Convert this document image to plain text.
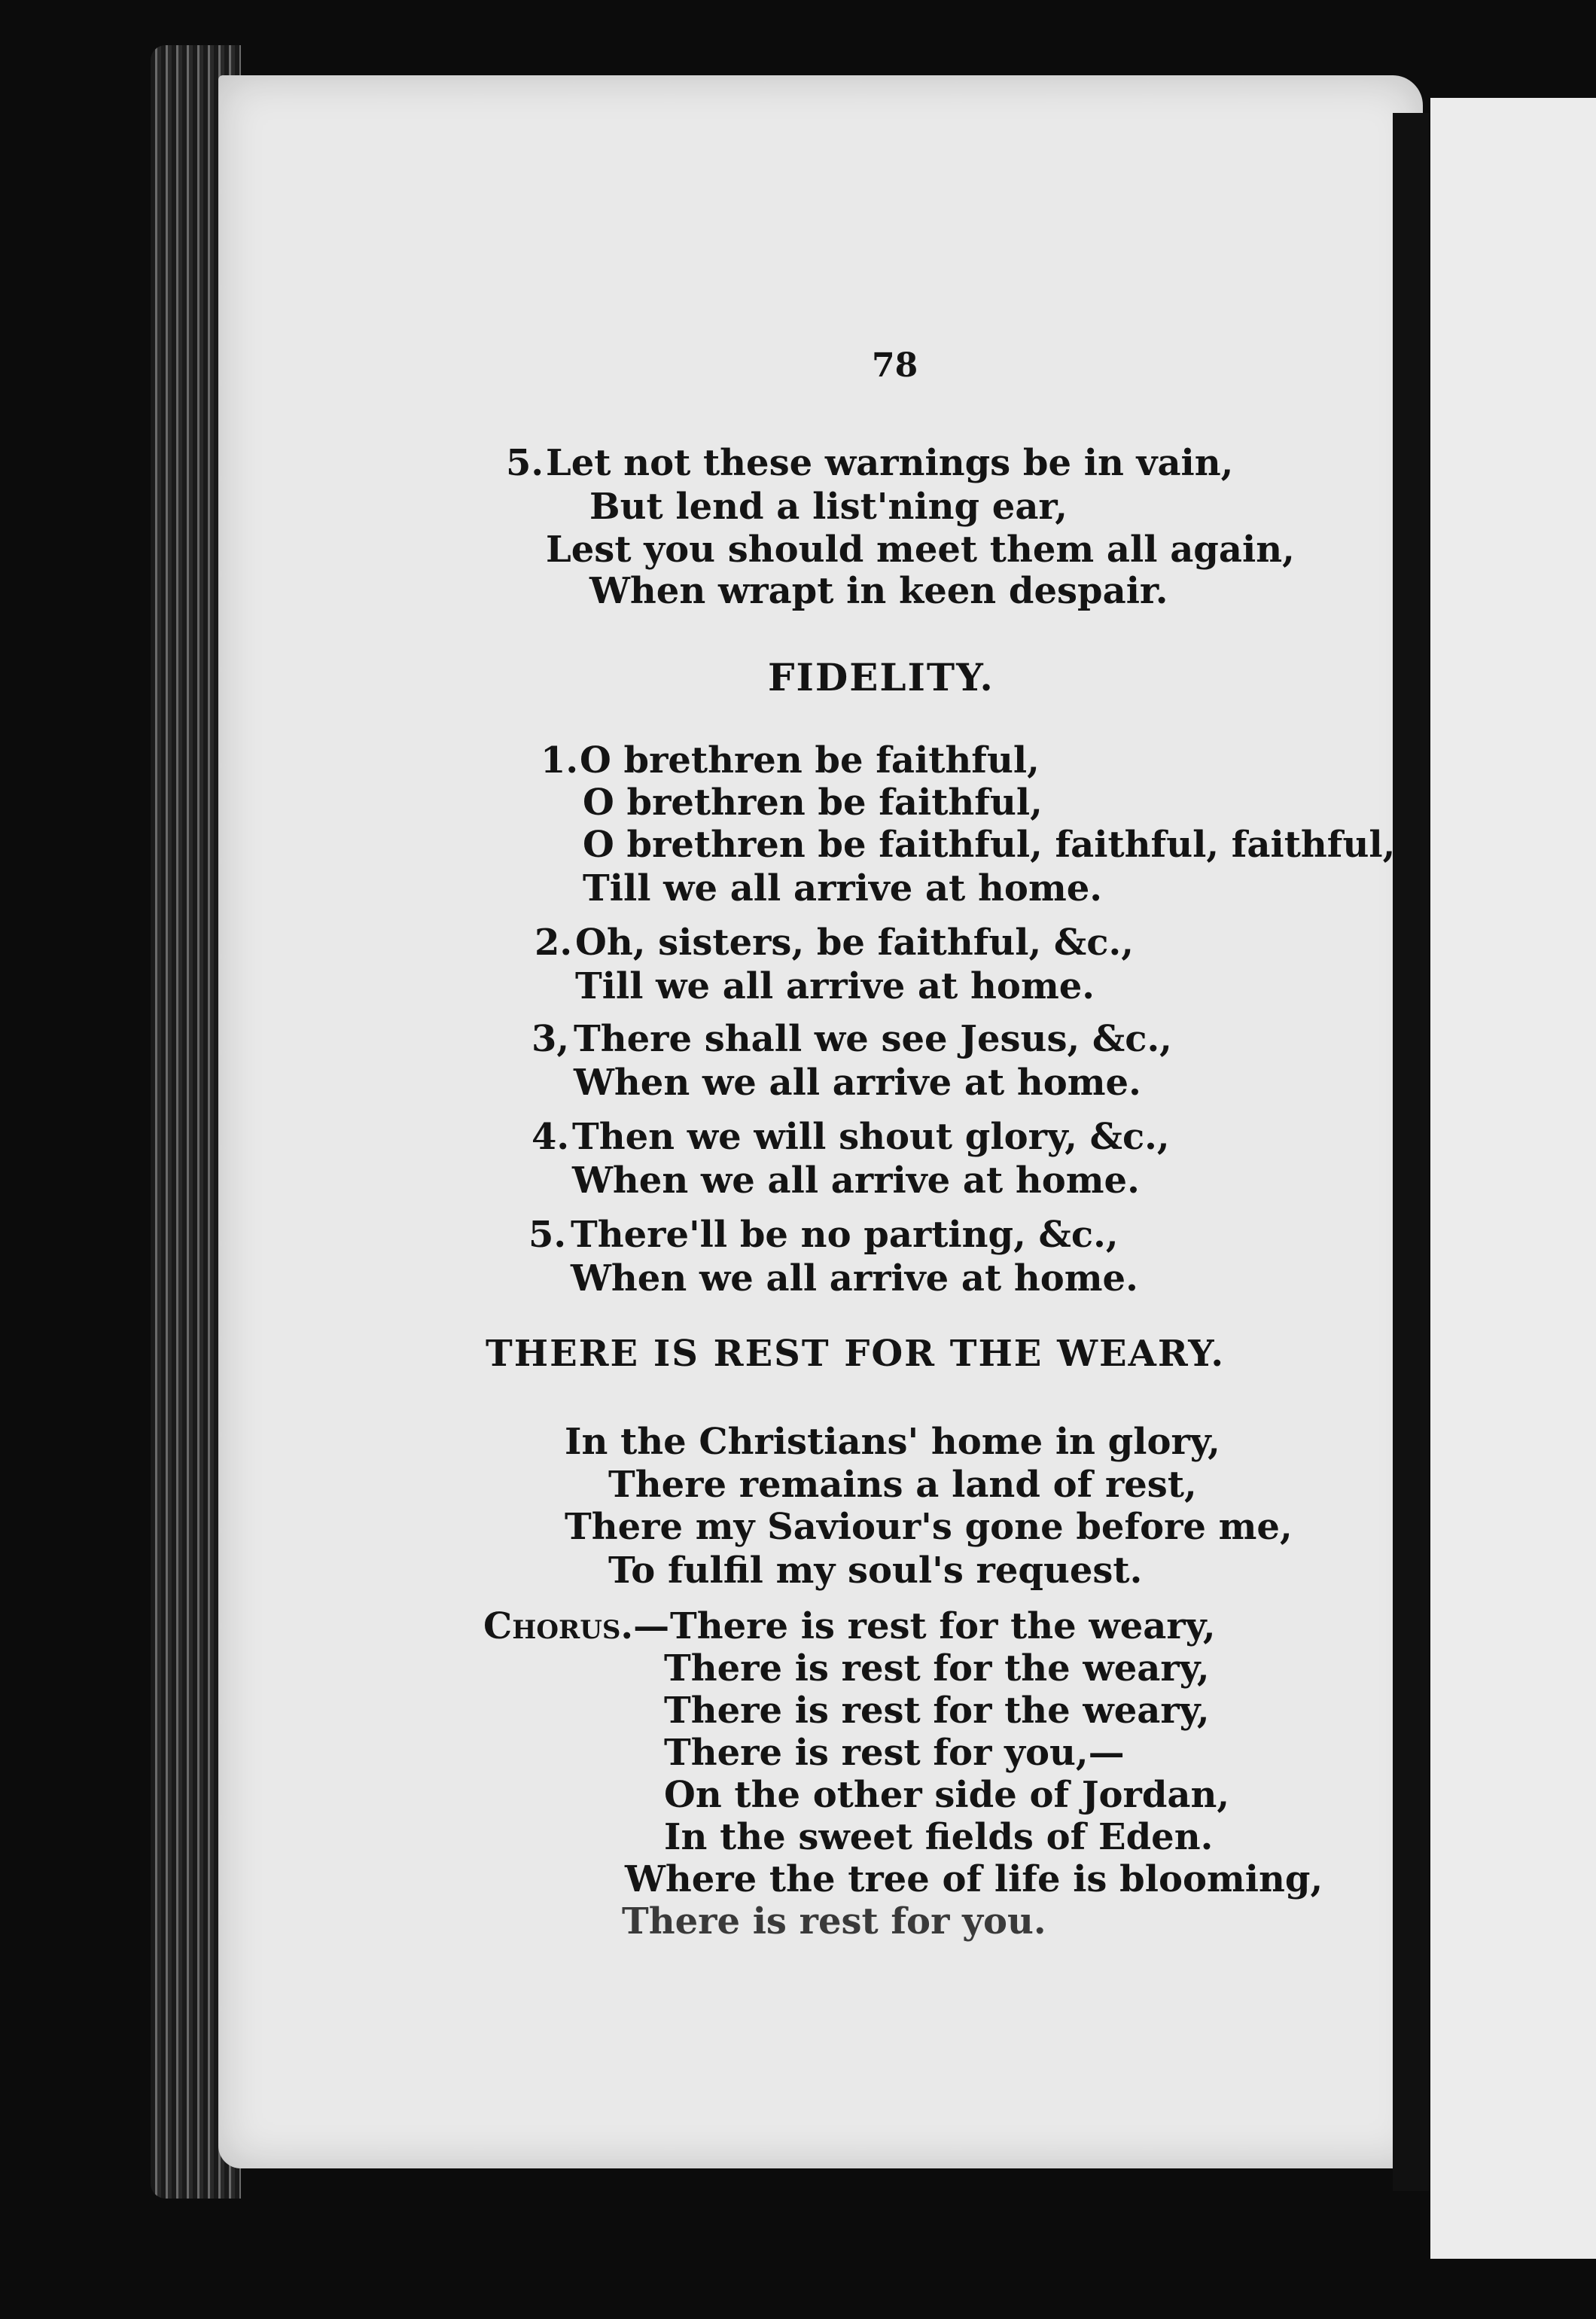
78
5. Let not these warnings be in vain,
But lend a list'ning ear,
Lest you should meet them all again,
When wrapt in keen despair.
FIDELITY.
1. O brethren be faithful,
O brethren be faithful,
O brethren be faithful, faithful, faithful,
Till we all arrive at home.
2. Oh, sisters, be faithful, &c.,
Till we all arrive at home.
3, There shall we see Jesus, &c.,
When we all arrive at home.
4. Then we will shout glory, &c.,
When we all arrive at home.
5. There'll be no parting, &c.,
When we all arrive at home.
THERE IS REST FOR THE WEARY.
In the Christians' home in glory,
There remains a land of rest,
There my Saviour's gone before me,
To fulfil my soul's request.
Chorus.— There is rest for the weary,
There is rest for the weary,
There is rest for the weary,
There is rest for you,—
On the other side of Jordan,
In the sweet fields of Eden.
Where the tree of life is blooming,
There is rest for you.
